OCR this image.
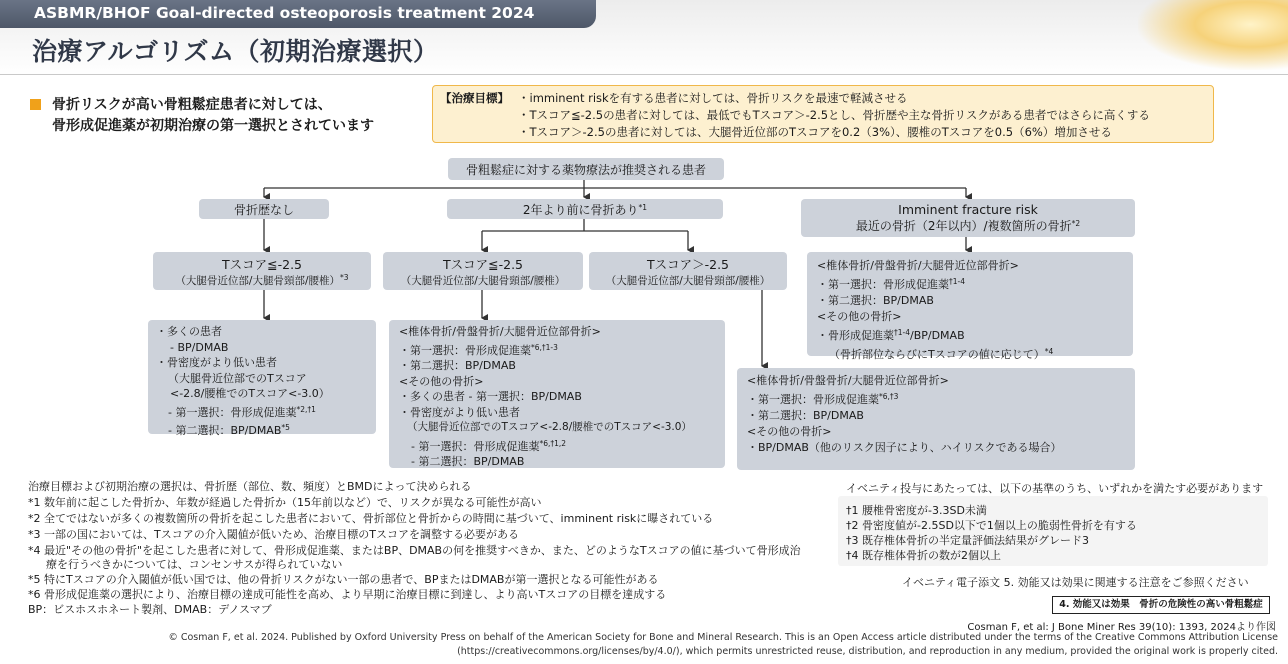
ASBMR/BHOF Goal-directed osteoporosis treatment 2024
治療アルゴリズム（初期治療選択）
骨折リスクが高い骨粗鬆症患者に対しては、
骨形成促進薬が初期治療の第一選択とされています
【治療目標】 ・imminent riskを有する患者に対しては、骨折リスクを最速で軽減させる
・Tスコア≦-2.5の患者に対しては、最低でもTスコア＞-2.5とし、骨折歴や主な骨折リスクがある患者ではさらに高くする
・Tスコア＞-2.5の患者に対しては、大腿骨近位部のTスコアを0.2（3%）、腰椎のTスコアを0.5（6%）増加させる
骨粗鬆症に対する薬物療法が推奨される患者
骨折歴なし	2年より前に骨折あり$^{*1}$	Imminent fracture risk
最近の骨折（2年以内）/複数箇所の骨折$^{*2}$
Tスコア≦-2.5
（大腿骨近位部/大腿骨頸部/腰椎）$^{*3}$
Tスコア≦-2.5
（大腿骨近位部/大腿骨頸部/腰椎）
Tスコア＞-2.5
（大腿骨近位部/大腿骨頸部/腰椎）
<椎体骨折/骨盤骨折/大腿骨近位部骨折>
・第一選択：骨形成促進薬$^{\dagger 1-4}$
・第二選択：BP/DMAB
<その他の骨折>
・骨形成促進薬$^{\dagger 1-4}$/BP/DMAB
（骨折部位ならびにTスコアの値に応じて）$^{*4}$
・多くの患者
- BP/DMAB
・骨密度がより低い患者
（大腿骨近位部でのTスコア
<-2.8/腰椎でのTスコア<-3.0）
- 第一選択：骨形成促進薬$^{*2,\dagger 1}$
- 第二選択：$BP/DMAB^{*5}$
<椎体骨折/骨盤骨折/大腿骨近位部骨折>
・第一選択：骨形成促進薬$^{*6,\dagger 1-3}$
・第二選択：BP/DMAB
<その他の骨折>
・多くの患者 - 第一選択：BP/DMAB
・骨密度がより低い患者
（大腿骨近位部でのTスコア<-2.8/腰椎でのTスコア<-3.0）
- 第一選択：骨形成促進薬$^{*6,\dagger 1,2}$
- 第二選択：BP/DMAB
<椎体骨折/骨盤骨折/大腿骨近位部骨折>
・第一選択：骨形成促進薬$^{*6,\dagger 3}$
・第二選択：BP/DMAB
<その他の骨折>
・BP/DMAB（他のリスク因子により、ハイリスクである場合）
治療目標および初期治療の選択は、骨折歴（部位、数、頻度）とBMDによって決められる
*1 数年前に起こした骨折か、年数が経過した骨折か（15年前以など）で、リスクが異なる可能性が高い
*2 全てではないが多くの複数箇所の骨折を起こした患者において、骨折部位と骨折からの時間に基づいて、imminent riskに曝されている
*3 一部の国においては、Tスコアの介入閾値が低いため、治療目標のTスコアを調整する必要がある
*4 最近"その他の骨折"を起こした患者に対して、骨形成促進薬、またはBP、DMABの何を推奨すべきか、また、どのようなTスコアの値に基づいて骨形成治
療を行うべきかについては、コンセンサスが得られていない
*5 特にTスコアの介入閾値が低い国では、他の骨折リスクがない一部の患者で、BPまたはDMABが第一選択となる可能性がある
*6 骨形成促進薬の選択により、治療目標の達成可能性を高め、より早期に治療目標に到達し、より高いTスコアの目標を達成する
BP：ビスホスホネート製剤、DMAB：デノスマブ
イベニティ投与にあたっては、以下の基準のうち、いずれかを満たす必要があります
†1 腰椎骨密度が-3.3SD未満
†2 骨密度値が-2.5SD以下で1個以上の脆弱性骨折を有する
†3 既存椎体骨折の半定量評価法結果がグレード3
†4 既存椎体骨折の数が2個以上
イベニティ電子添文 5. 効能又は効果に関連する注意をご参照ください
4. 効能又は効果　骨折の危険性の高い骨粗鬆症
Cosman F, et al: J Bone Miner Res 39(10): 1393, 2024より作図
© Cosman F, et al. 2024. Published by Oxford University Press on behalf of the American Society for Bone and Mineral Research. This is an Open Access article distributed under the terms of the Creative Commons Attribution License
(https://creativecommons.org/licenses/by/4.0/), which permits unrestricted reuse, distribution, and reproduction in any medium, provided the original work is properly cited.
